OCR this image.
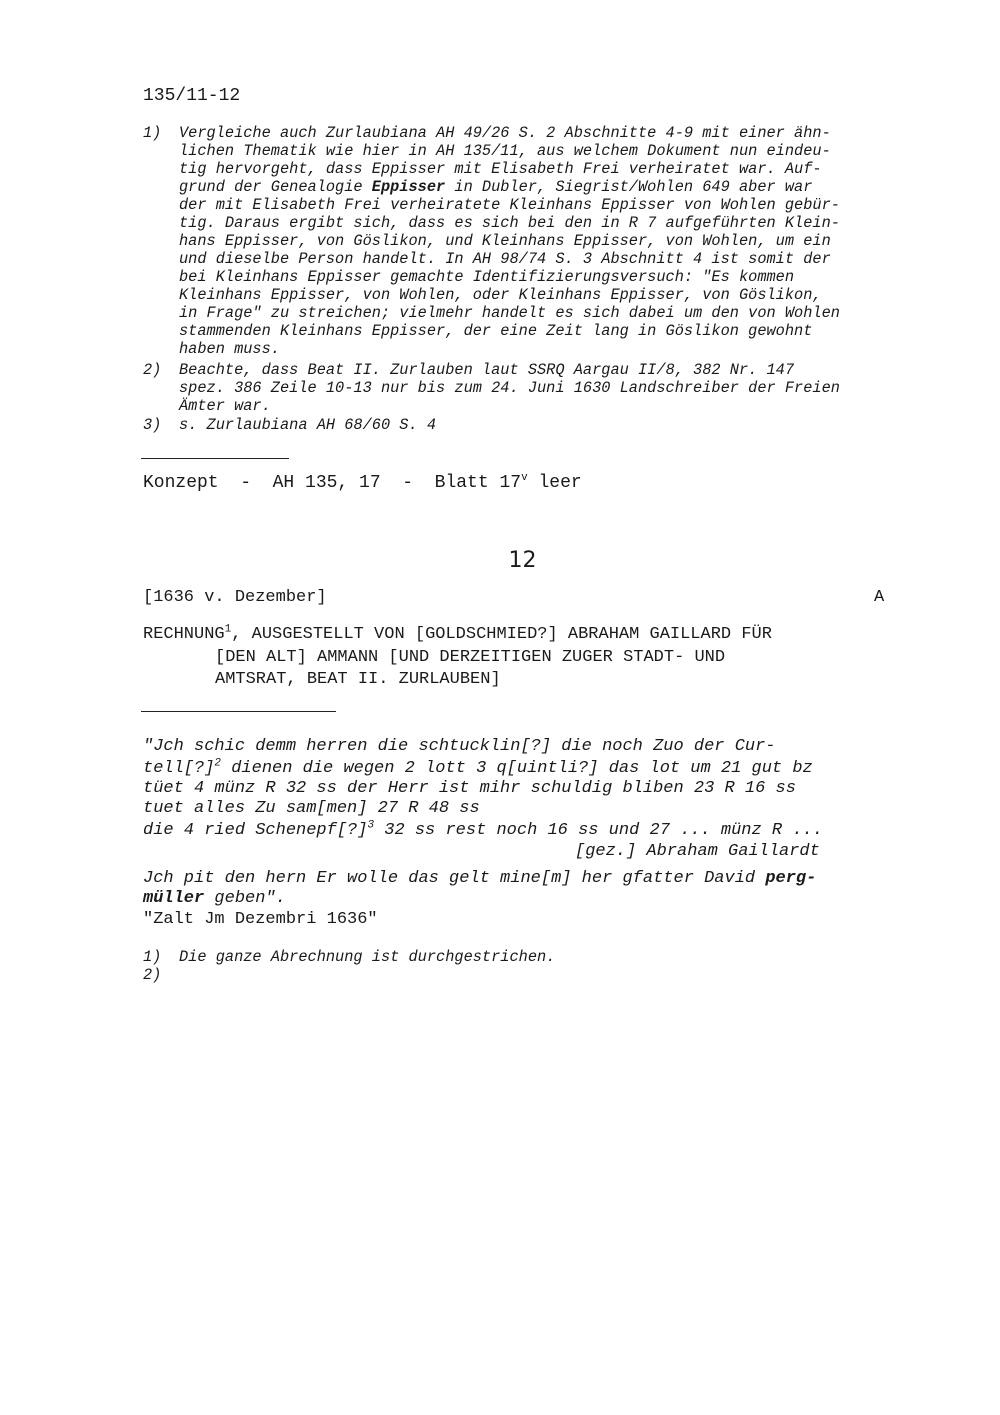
135/11-12
1) Vergleiche auch Zurlaubiana AH 49/26 S. 2 Abschnitte 4-9 mit einer ähn-
lichen Thematik wie hier in AH 135/11, aus welchem Dokument nun eindeu-
tig hervorgeht, dass Eppisser mit Elisabeth Frei verheiratet war. Auf-
grund der Genealogie Eppisser in Dubler, Siegrist/Wohlen 649 aber war
der mit Elisabeth Frei verheiratete Kleinhans Eppisser von Wohlen gebür-
tig. Daraus ergibt sich, dass es sich bei den in R 7 aufgeführten Klein-
hans Eppisser, von Göslikon, und Kleinhans Eppisser, von Wohlen, um ein
und dieselbe Person handelt. In AH 98/74 S. 3 Abschnitt 4 ist somit der
bei Kleinhans Eppisser gemachte Identifizierungsversuch: "Es kommen
Kleinhans Eppisser, von Wohlen, oder Kleinhans Eppisser, von Göslikon,
in Frage" zu streichen; vielmehr handelt es sich dabei um den von Wohlen
stammenden Kleinhans Eppisser, der eine Zeit lang in Göslikon gewohnt
haben muss.
2) Beachte, dass Beat II. Zurlauben laut SSRQ Aargau II/8, 382 Nr. 147
spez. 386 Zeile 10-13 nur bis zum 24. Juni 1630 Landschreiber der Freien
Ämter war.
3) s. Zurlaubiana AH 68/60 S. 4
Konzept  -  AH 135, 17  -  Blatt 17$^v$ leer
12
[1636 v. Dezember]	A
RECHNUNG$^1$, AUSGESTELLT VON [GOLDSCHMIED?] ABRAHAM GAILLARD FÜR
[DEN ALT] AMMANN [UND DERZEITIGEN ZUGER STADT- UND
AMTSRAT, BEAT II. ZURLAUBEN]
"Jch schic demm herren die schtucklin[?] die noch Zuo der Cur-
tell[?]$^2$ dienen die wegen 2 lott 3 q[uintli?] das lot um 21 gut bz
tüet 4 münz R 32 ss der Herr ist mihr schuldig bliben 23 R 16 ss
tuet alles Zu sam[men] 27 R 48 ss
die 4 ried Schenepf[?]$^3$ 32 ss rest noch 16 ss und 27 ... münz R ...
[gez.] Abraham Gaillardt
Jch pit den hern Er wolle das gelt mine[m] her gfatter David perg-
müller geben".
"Zalt Jm Dezembri 1636"
1) Die ganze Abrechnung ist durchgestrichen.
2)
